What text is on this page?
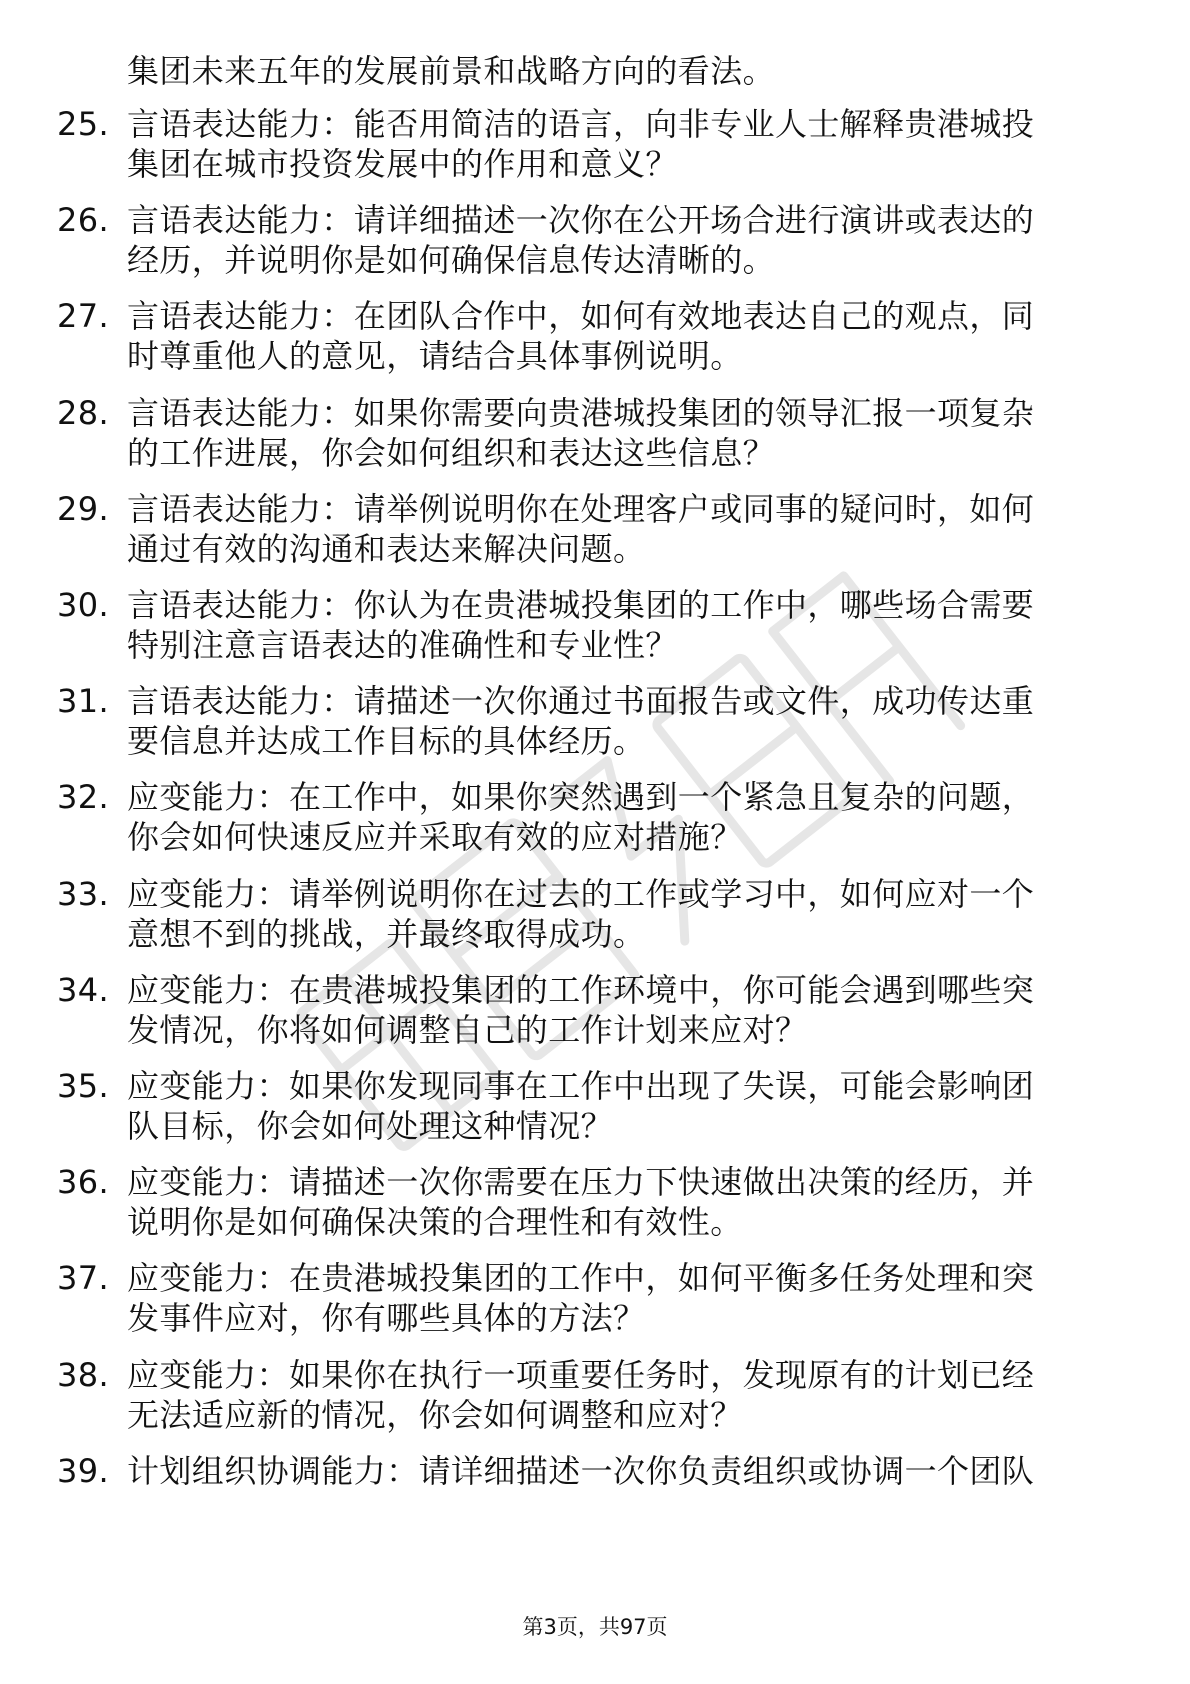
集团未来五年的发展前景和战略方向的看法。
25. 言语表达能力：能否用简洁的语言，向非专业人士解释贵港城投
集团在城市投资发展中的作用和意义？
26. 言语表达能力：请详细描述一次你在公开场合进行演讲或表达的
经历，并说明你是如何确保信息传达清晰的。
27. 言语表达能力：在团队合作中，如何有效地表达自己的观点，同
时尊重他人的意见，请结合具体事例说明。
28. 言语表达能力：如果你需要向贵港城投集团的领导汇报一项复杂
的工作进展，你会如何组织和表达这些信息？
29. 言语表达能力：请举例说明你在处理客户或同事的疑问时，如何
通过有效的沟通和表达来解决问题。
30. 言语表达能力：你认为在贵港城投集团的工作中，哪些场合需要
特别注意言语表达的准确性和专业性？
31. 言语表达能力：请描述一次你通过书面报告或文件，成功传达重
要信息并达成工作目标的具体经历。
32. 应变能力：在工作中，如果你突然遇到一个紧急且复杂的问题，
你会如何快速反应并采取有效的应对措施？
33. 应变能力：请举例说明你在过去的工作或学习中，如何应对一个
意想不到的挑战，并最终取得成功。
34. 应变能力：在贵港城投集团的工作环境中，你可能会遇到哪些突
发情况，你将如何调整自己的工作计划来应对？
35. 应变能力：如果你发现同事在工作中出现了失误，可能会影响团
队目标，你会如何处理这种情况？
36. 应变能力：请描述一次你需要在压力下快速做出决策的经历，并
说明你是如何确保决策的合理性和有效性。
37. 应变能力：在贵港城投集团的工作中，如何平衡多任务处理和突
发事件应对，你有哪些具体的方法？
38. 应变能力：如果你在执行一项重要任务时，发现原有的计划已经
无法适应新的情况，你会如何调整和应对？
39. 计划组织协调能力：请详细描述一次你负责组织或协调一个团队
第3页，共97页
